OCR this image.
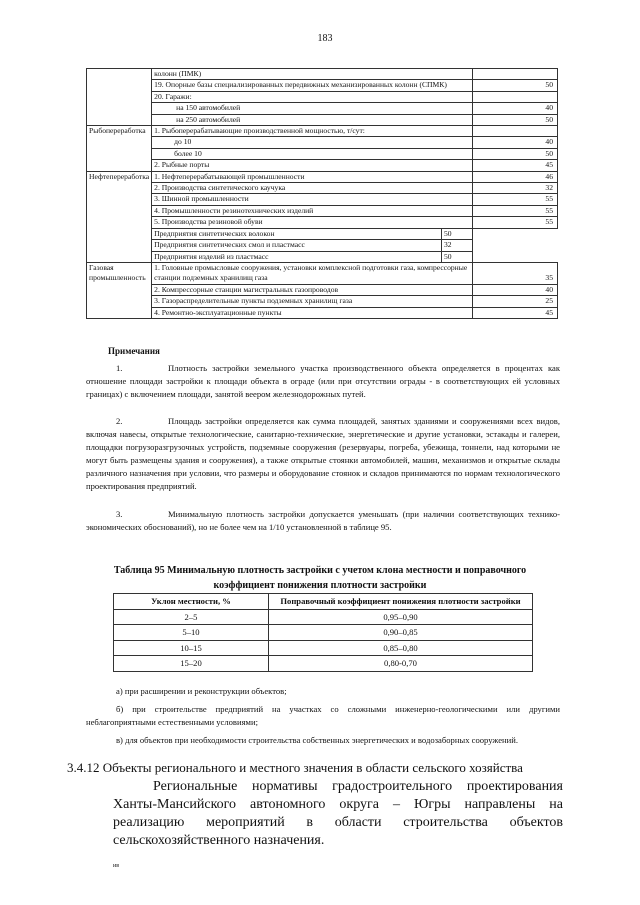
183
	колонн (ПМК)		
	19. Опорные базы специализированных передвижных механизированных колонн (СПМК)		50
	20. Гаражи:		
	на 150 автомобилей		40
	на 250 автомобилей		50
Рыбопереработка	1. Рыбоперерабатывающие производственной мощностью, т/сут:		
	до 10		40
	более 10		50
	2. Рыбные порты		45
Нефтепереработка	1. Нефтеперерабатывающей промышленности		46
	2. Производства синтетического каучука		32
	3. Шинной промышленности		55
	4. Промышленности резинотехнических изделий		55
	5. Производства резиновой обуви		55
	Предприятия синтетических волокон	50	
	Предприятия синтетических смол и пластмасс	32	
	Предприятия изделий из пластмасс	50	
Газовая промышленность	1. Головные промысловые сооружения, установки комплексной подготовки газа, компрессорные станции подземных хранилищ газа		35
	2. Компрессорные станции магистральных газопроводов		40
	3. Газораспределительные пункты подземных хранилищ газа		25
	4. Ремонтно-эксплуатационные пункты		45
Примечания
1.	Плотность застройки земельного участка производственного объекта определяется в процентах как отношение площади застройки к площади объекта в ограде (или при отсутствии ограды - в соответствующих ей условных границах) с включением площади, занятой веером железнодорожных путей.
2.	Площадь застройки определяется как сумма площадей, занятых зданиями и сооружениями всех видов, включая навесы, открытые технологические, санитарно-технические, энергетические и другие установки, эстакады и галереи, площадки погрузоразгрузочных устройств, подземные сооружения (резервуары, погреба, убежища, тоннели, над которыми не могут быть размещены здания и сооружения), а также открытые стоянки автомобилей, машин, механизмов и открытые склады различного назначения при условии, что размеры и оборудование стоянок и складов принимаются по нормам технологического проектирования предприятий.
3.	Минимальную плотность застройки допускается уменьшать (при наличии соответствующих технико-экономических обоснований), но не более чем на 1/10 установленной в таблице 95.
Таблица 95 Минимальную плотность застройки с учетом клона местности и поправочного коэффициент понижения плотности застройки
Уклон местности, %	Поправочный коэффициент понижения плотности застройки
2–5	0,95–0,90
5–10	0,90–0,85
10–15	0,85–0,80
15–20	0,80-0,70
а) при расширении и реконструкции объектов;
б) при строительстве предприятий на участках со сложными инженерно-геологическими или другими неблагоприятными естественными условиями;
в) для объектов при необходимости строительства собственных энергетических и водозаборных сооружений.
3.4.12 Объекты регионального и местного значения в области сельского хозяйства
Региональные нормативы градостроительного проектирования Ханты-Мансийского автономного округа – Югры направлены на реализацию мероприятий в области строительства объектов сельскохозяйственного назначения.
ив
